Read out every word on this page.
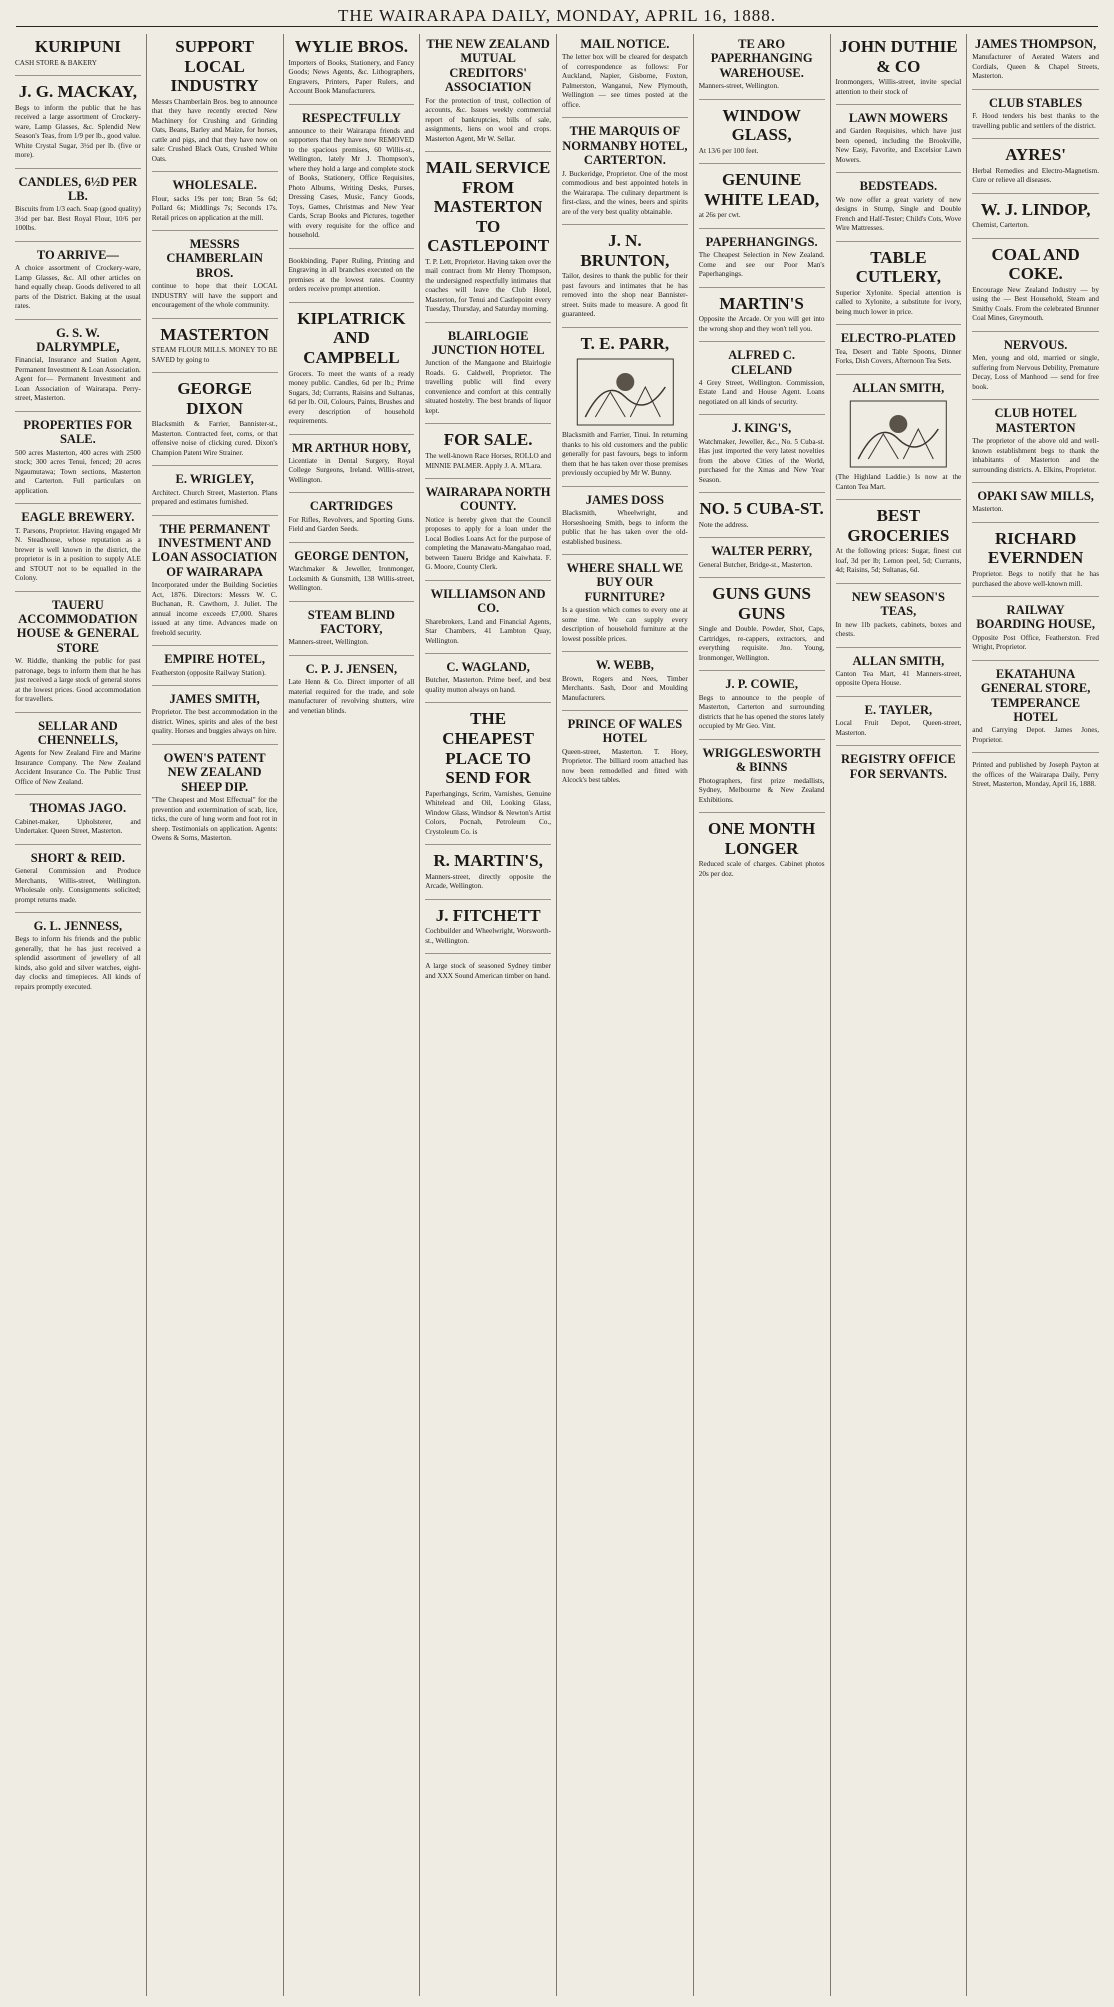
THE WAIRARAPA DAILY, MONDAY, APRIL 16, 1888.
KURIPUNI
CASH STORE & BAKERY
J. G. MACKAY,
Begs to inform the public that he has received a large assortment of Crockery-ware, Lamp Glasses, &c. Splendid New Season's Teas, from 1/9 per lb., good value. White Crystal Sugar, 3½d per lb. (five or more).
CANDLES, 6½D PER LB.
Biscuits from 1/3 each. Soap (good quality) 3½d per bar. Best Royal Flour, 10/6 per 100lbs.
TO ARRIVE—
A choice assortment of Crockery-ware, Lamp Glasses, &c. All other articles on hand equally cheap. Goods delivered to all parts of the District. Baking at the usual rates.
G. S. W. DALRYMPLE,
Financial, Insurance and Station Agent, Permanent Investment & Loan Association. Agent for— Permanent Investment and Loan Association of Wairarapa. Perry-street, Masterton.
PROPERTIES FOR SALE.
500 acres Masterton, 400 acres with 2500 stock; 300 acres Tenui, fenced; 20 acres Ngaumutawa; Town sections, Masterton and Carterton. Full particulars on application.
EAGLE BREWERY.
T. Parsons, Proprietor. Having engaged Mr N. Steadhouse, whose reputation as a brewer is well known in the district, the proprietor is in a position to supply ALE and STOUT not to be equalled in the Colony.
TAUERU ACCOMMODATION HOUSE & GENERAL STORE
W. Riddle, thanking the public for past patronage, begs to inform them that he has just received a large stock of general stores at the lowest prices. Good accommodation for travellers.
SELLAR AND CHENNELLS,
Agents for New Zealand Fire and Marine Insurance Company. The New Zealand Accident Insurance Co. The Public Trust Office of New Zealand.
THOMAS JAGO.
Cabinet-maker, Upholsterer, and Undertaker. Queen Street, Masterton.
SHORT & REID.
General Commission and Produce Merchants, Willis-street, Wellington. Wholesale only. Consignments solicited; prompt returns made.
G. L. JENNESS,
Begs to inform his friends and the public generally, that he has just received a splendid assortment of jewellery of all kinds, also gold and silver watches, eight-day clocks and timepieces. All kinds of repairs promptly executed.
SUPPORT LOCAL INDUSTRY
Messrs Chamberlain Bros. beg to announce that they have recently erected New Machinery for Crushing and Grinding Oats, Beans, Barley and Maize, for horses, cattle and pigs, and that they have now on sale: Crushed Black Oats, Crushed White Oats.
WHOLESALE.
Flour, sacks 19s per ton; Bran 5s 6d; Pollard 6s; Middlings 7s; Seconds 17s. Retail prices on application at the mill.
MESSRS CHAMBERLAIN BROS.
continue to hope that their LOCAL INDUSTRY will have the support and encouragement of the whole community.
MASTERTON
STEAM FLOUR MILLS. MONEY TO BE SAVED by going to
GEORGE DIXON
Blacksmith & Farrier, Bannister-st., Masterton. Contracted feet, corns, or that offensive noise of clicking cured. Dixon's Champion Patent Wire Strainer.
E. WRIGLEY,
Architect. Church Street, Masterton. Plans prepared and estimates furnished.
THE PERMANENT INVESTMENT AND LOAN ASSOCIATION OF WAIRARAPA
Incorporated under the Building Societies Act, 1876. Directors: Messrs W. C. Buchanan, R. Cawthorn, J. Juliet. The annual income exceeds £7,000. Shares issued at any time. Advances made on freehold security.
EMPIRE HOTEL,
Featherston (opposite Railway Station).
JAMES SMITH,
Proprietor. The best accommodation in the district. Wines, spirits and ales of the best quality. Horses and buggies always on hire.
OWEN'S PATENT NEW ZEALAND SHEEP DIP.
"The Cheapest and Most Effectual" for the prevention and extermination of scab, lice, ticks, the cure of lung worm and foot rot in sheep. Testimonials on application. Agents: Owens & Sorns, Masterton.
WYLIE BROS.
Importers of Books, Stationery, and Fancy Goods; News Agents, &c. Lithographers, Engravers, Printers, Paper Rulers, and Account Book Manufacturers.
RESPECTFULLY
announce to their Wairarapa friends and supporters that they have now REMOVED to the spacious premises, 60 Willis-st., Wellington, lately Mr J. Thompson's, where they hold a large and complete stock of Books, Stationery, Office Requisites, Photo Albums, Writing Desks, Purses, Dressing Cases, Music, Fancy Goods, Toys, Games, Christmas and New Year Cards, Scrap Books and Pictures, together with every requisite for the office and household.
Bookbinding, Paper Ruling, Printing and Engraving in all branches executed on the premises at the lowest rates. Country orders receive prompt attention.
KIPLATRICK AND CAMPBELL
Grocers. To meet the wants of a ready money public. Candles, 6d per lb.; Prime Sugars, 3d; Currants, Raisins and Sultanas, 6d per lb. Oil, Colours, Paints, Brushes and every description of household requirements.
MR ARTHUR HOBY,
Licentiate in Dental Surgery, Royal College Surgeons, Ireland. Willis-street, Wellington.
CARTRIDGES
For Rifles, Revolvers, and Sporting Guns. Field and Garden Seeds.
GEORGE DENTON,
Watchmaker & Jeweller, Ironmonger, Locksmith & Gunsmith, 138 Willis-street, Wellington.
STEAM BLIND FACTORY,
Manners-street, Wellington.
C. P. J. JENSEN,
Late Henn & Co. Direct importer of all material required for the trade, and sole manufacturer of revolving shutters, wire and venetian blinds.
THE NEW ZEALAND MUTUAL CREDITORS' ASSOCIATION
For the protection of trust, collection of accounts, &c. Issues weekly commercial report of bankruptcies, bills of sale, assignments, liens on wool and crops. Masterton Agent, Mr W. Sellar.
MAIL SERVICE FROM MASTERTON TO CASTLEPOINT
T. P. Lett, Proprietor. Having taken over the mail contract from Mr Henry Thompson, the undersigned respectfully intimates that coaches will leave the Club Hotel, Masterton, for Tenui and Castlepoint every Tuesday, Thursday, and Saturday morning.
BLAIRLOGIE JUNCTION HOTEL
Junction of the Mangaone and Blairlogie Roads. G. Caldwell, Proprietor. The travelling public will find every convenience and comfort at this centrally situated hostelry. The best brands of liquor kept.
FOR SALE.
The well-known Race Horses, ROLLO and MINNIE PALMER. Apply J. A. M'Lara.
WAIRARAPA NORTH COUNTY.
Notice is hereby given that the Council proposes to apply for a loan under the Local Bodies Loans Act for the purpose of completing the Manawatu-Mangahao road, between Taueru Bridge and Kaiwhata. F. G. Moore, County Clerk.
WILLIAMSON AND CO.
Sharebrokers, Land and Financial Agents, Star Chambers, 41 Lambton Quay, Wellington.
C. WAGLAND,
Butcher, Masterton. Prime beef, and best quality mutton always on hand.
THE CHEAPEST PLACE TO SEND FOR
Paperhangings, Scrim, Varnishes, Genuine Whitelead and Oil, Looking Glass, Window Glass, Windsor & Newton's Artist Colors, Pocnah, Petroleum Co., Crystoleum Co. is
R. MARTIN'S,
Manners-street, directly opposite the Arcade, Wellington.
J. FITCHETT
Cochbuilder and Wheelwright, Worsworth-st., Wellington.
A large stock of seasoned Sydney timber and XXX Sound American timber on hand.
MAIL NOTICE.
The letter box will be cleared for despatch of correspondence as follows: For Auckland, Napier, Gisborne, Foxton, Palmerston, Wanganui, New Plymouth, Wellington — see times posted at the office.
THE MARQUIS OF NORMANBY HOTEL, CARTERTON.
J. Buckeridge, Proprietor. One of the most commodious and best appointed hotels in the Wairarapa. The culinary department is first-class, and the wines, beers and spirits are of the very best quality obtainable.
J. N. BRUNTON,
Tailor, desires to thank the public for their past favours and intimates that he has removed into the shop near Bannister-street. Suits made to measure. A good fit guaranteed.
T. E. PARR,
Blacksmith and Farrier, Tinui. In returning thanks to his old customers and the public generally for past favours, begs to inform them that he has taken over those premises previously occupied by Mr W. Bunny.
JAMES DOSS
Blacksmith, Wheelwright, and Horseshoeing Smith, begs to inform the public that he has taken over the old-established business.
WHERE SHALL WE BUY OUR FURNITURE?
Is a question which comes to every one at some time. We can supply every description of household furniture at the lowest possible prices.
W. WEBB,
Brown, Rogers and Nees, Timber Merchants. Sash, Door and Moulding Manufacturers.
PRINCE OF WALES HOTEL
Queen-street, Masterton. T. Hoey, Proprietor. The billiard room attached has now been remodelled and fitted with Alcock's best tables.
TE ARO PAPERHANGING WAREHOUSE.
Manners-street, Wellington.
WINDOW GLASS,
At 13/6 per 100 feet.
GENUINE WHITE LEAD,
at 26s per cwt.
PAPERHANGINGS.
The Cheapest Selection in New Zealand. Come and see our Poor Man's Paperhangings.
MARTIN'S
Opposite the Arcade. Or you will get into the wrong shop and they won't tell you.
ALFRED C. CLELAND
4 Grey Street, Wellington. Commission, Estate Land and House Agent. Loans negotiated on all kinds of security.
J. KING'S,
Watchmaker, Jeweller, &c., No. 5 Cuba-st. Has just imported the very latest novelties from the above Cities of the World, purchased for the Xmas and New Year Season.
NO. 5 CUBA-ST.
Note the address.
WALTER PERRY,
General Butcher, Bridge-st., Masterton.
GUNS GUNS GUNS
Single and Double. Powder, Shot, Caps, Cartridges, re-cappers, extractors, and everything requisite. Jno. Young, Ironmonger, Wellington.
J. P. COWIE,
Begs to announce to the people of Masterton, Carterton and surrounding districts that he has opened the stores lately occupied by Mr Geo. Vint.
WRIGGLESWORTH & BINNS
Photographers, first prize medallists, Sydney, Melbourne & New Zealand Exhibitions.
ONE MONTH LONGER
Reduced scale of charges. Cabinet photos 20s per doz.
JOHN DUTHIE & CO
Ironmongers, Willis-street, invite special attention to their stock of
LAWN MOWERS
and Garden Requisites, which have just been opened, including the Brookville, New Easy, Favorite, and Excelsior Lawn Mowers.
BEDSTEADS.
We now offer a great variety of new designs in Stump, Single and Double French and Half-Tester; Child's Cots, Wove Wire Mattresses.
TABLE CUTLERY,
Superior Xylonite. Special attention is called to Xylonite, a substitute for ivory, being much lower in price.
ELECTRO-PLATED
Tea, Desert and Table Spoons, Dinner Forks, Dish Covers, Afternoon Tea Sets.
ALLAN SMITH,
(The Highland Laddie.) Is now at the Canton Tea Mart.
BEST GROCERIES
At the following prices: Sugar, finest cut loaf, 3d per lb; Lemon peel, 5d; Currants, 4d; Raisins, 5d; Sultanas, 6d.
NEW SEASON'S TEAS,
In new 1lb packets, cabinets, boxes and chests.
ALLAN SMITH,
Canton Tea Mart, 41 Manners-street, opposite Opera House.
E. TAYLER,
Local Fruit Depot, Queen-street, Masterton.
REGISTRY OFFICE FOR SERVANTS.
JAMES THOMPSON,
Manufacturer of Aerated Waters and Cordials, Queen & Chapel Streets, Masterton.
CLUB STABLES
F. Hood tenders his best thanks to the travelling public and settlers of the district.
AYRES'
Herbal Remedies and Electro-Magnetism. Cure or relieve all diseases.
W. J. LINDOP,
Chemist, Carterton.
COAL AND COKE.
Encourage New Zealand Industry — by using the — Best Household, Steam and Smithy Coals. From the celebrated Brunner Coal Mines, Greymouth.
NERVOUS.
Men, young and old, married or single, suffering from Nervous Debility, Premature Decay, Loss of Manhood — send for free book.
CLUB HOTEL MASTERTON
The proprietor of the above old and well-known establishment begs to thank the inhabitants of Masterton and the surrounding districts. A. Elkins, Proprietor.
OPAKI SAW MILLS,
Masterton.
RICHARD EVERNDEN
Proprietor. Begs to notify that he has purchased the above well-known mill.
RAILWAY BOARDING HOUSE,
Opposite Post Office, Featherston. Fred Wright, Proprietor.
EKATAHUNA GENERAL STORE, TEMPERANCE HOTEL
and Carrying Depot. James Jones, Proprietor.
Printed and published by Joseph Payton at the offices of the Wairarapa Daily, Perry Street, Masterton, Monday, April 16, 1888.
